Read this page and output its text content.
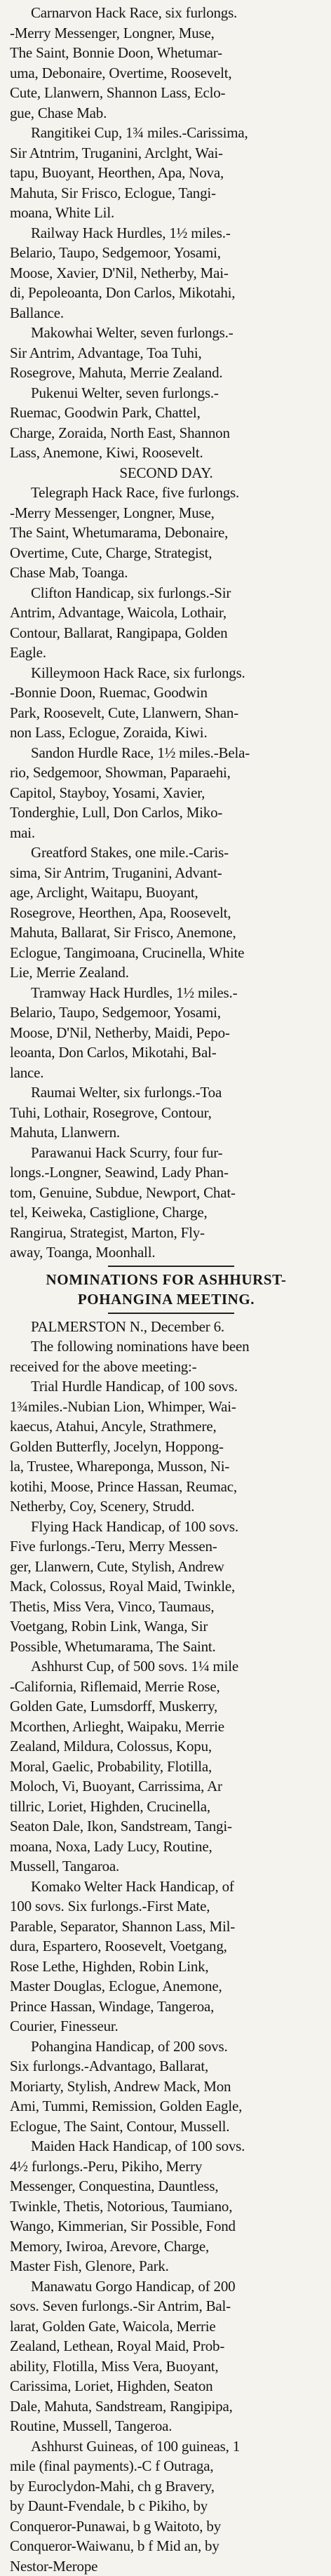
Carnarvon Hack Race, six furlongs.
-Merry Messenger, Longner, Muse,
The Saint, Bonnie Doon, Whetumar-
uma, Debonaire, Overtime, Roosevelt,
Cute, Llanwern, Shannon Lass, Eclo-
gue, Chase Mab.
Rangitikei Cup, 1¾ miles.-Carissima,
Sir Atntrim, Truganini, Arclght, Wai-
tapu, Buoyant, Heorthen, Apa, Nova,
Mahuta, Sir Frisco, Eclogue, Tangi-
moana, White Lil.
Railway Hack Hurdles, 1½ miles.-
Belario, Taupo, Sedgemoor, Yosami,
Moose, Xavier, D'Nil, Netherby, Mai-
di, Pepoleoanta, Don Carlos, Mikotahi,
Ballance.
Makowhai Welter, seven furlongs.-
Sir Antrim, Advantage, Toa Tuhi,
Rosegrove, Mahuta, Merrie Zealand.
Pukenui Welter, seven furlongs.-
Ruemac, Goodwin Park, Chattel,
Charge, Zoraida, North East, Shannon
Lass, Anemone, Kiwi, Roosevelt.
SECOND DAY.
Telegraph Hack Race, five furlongs.
-Merry Messenger, Longner, Muse,
The Saint, Whetumarama, Debonaire,
Overtime, Cute, Charge, Strategist,
Chase Mab, Toanga.
Clifton Handicap, six furlongs.-Sir
Antrim, Advantage, Waicola, Lothair,
Contour, Ballarat, Rangipapa, Golden
Eagle.
Killeymoon Hack Race, six furlongs.
-Bonnie Doon, Ruemac, Goodwin
Park, Roosevelt, Cute, Llanwern, Shan-
non Lass, Eclogue, Zoraida, Kiwi.
Sandon Hurdle Race, 1½ miles.-Bela-
rio, Sedgemoor, Showman, Paparaehi,
Capitol, Stayboy, Yosami, Xavier,
Tonderghie, Lull, Don Carlos, Miko-
mai.
Greatford Stakes, one mile.-Caris-
sima, Sir Antrim, Truganini, Advant-
age, Arclight, Waitapu, Buoyant,
Rosegrove, Heorthen, Apa, Roosevelt,
Mahuta, Ballarat, Sir Frisco, Anemone,
Eclogue, Tangimoana, Crucinella, White
Lie, Merrie Zealand.
Tramway Hack Hurdles, 1½ miles.-
Belario, Taupo, Sedgemoor, Yosami,
Moose, D'Nil, Netherby, Maidi, Pepo-
leoanta, Don Carlos, Mikotahi, Bal-
lance.
Raumai Welter, six furlongs.-Toa
Tuhi, Lothair, Rosegrove, Contour,
Mahuta, Llanwern.
Parawanui Hack Scurry, four fur-
longs.-Longner, Seawind, Lady Phan-
tom, Genuine, Subdue, Newport, Chat-
tel, Keiweka, Castiglione, Charge,
Rangirua, Strategist, Marton, Fly-
away, Toanga, Moonhall.
NOMINATIONS FOR ASHHURST-
POHANGINA MEETING.
PALMERSTON N., December 6.
The following nominations have been
received for the above meeting:-
Trial Hurdle Handicap, of 100 sovs.
1¾miles.-Nubian Lion, Whimper, Wai-
kaecus, Atahui, Ancyle, Strathmere,
Golden Butterfly, Jocelyn, Hoppong-
la, Trustee, Whareponga, Musson, Ni-
kotihi, Moose, Prince Hassan, Reumac,
Netherby, Coy, Scenery, Strudd.
Flying Hack Handicap, of 100 sovs.
Five furlongs.-Teru, Merry Messen-
ger, Llanwern, Cute, Stylish, Andrew
Mack, Colossus, Royal Maid, Twinkle,
Thetis, Miss Vera, Vinco, Taumaus,
Voetgang, Robin Link, Wanga, Sir
Possible, Whetumarama, The Saint.
Ashhurst Cup, of 500 sovs. 1¼ mile
-California, Riflemaid, Merrie Rose,
Golden Gate, Lumsdorff, Muskerry,
Mcorthen, Arlieght, Waipaku, Merrie
Zealand, Mildura, Colossus, Kopu,
Moral, Gaelic, Probability, Flotilla,
Moloch, Vi, Buoyant, Carrissima, Ar
tillric, Loriet, Highden, Crucinella,
Seaton Dale, Ikon, Sandstream, Tangi-
moana, Noxa, Lady Lucy, Routine,
Mussell, Tangaroa.
Komako Welter Hack Handicap, of
100 sovs. Six furlongs.-First Mate,
Parable, Separator, Shannon Lass, Mil-
dura, Espartero, Roosevelt, Voetgang,
Rose Lethe, Highden, Robin Link,
Master Douglas, Eclogue, Anemone,
Prince Hassan, Windage, Tangeroa,
Courier, Finesseur.
Pohangina Handicap, of 200 sovs.
Six furlongs.-Advantago, Ballarat,
Moriarty, Stylish, Andrew Mack, Mon
Ami, Tummi, Remission, Golden Eagle,
Eclogue, The Saint, Contour, Mussell.
Maiden Hack Handicap, of 100 sovs.
4½ furlongs.-Peru, Pikiho, Merry
Messenger, Conquestina, Dauntless,
Twinkle, Thetis, Notorious, Taumiano,
Wango, Kimmerian, Sir Possible, Fond
Memory, Iwiroa, Arevore, Charge,
Master Fish, Glenore, Park.
Manawatu Gorgo Handicap, of 200
sovs. Seven furlongs.-Sir Antrim, Bal-
larat, Golden Gate, Waicola, Merrie
Zealand, Lethean, Royal Maid, Prob-
ability, Flotilla, Miss Vera, Buoyant,
Carissima, Loriet, Highden, Seaton
Dale, Mahuta, Sandstream, Rangipipa,
Routine, Mussell, Tangeroa.
Ashhurst Guineas, of 100 guineas, 1
mile (final payments).-C f Outraga,
by Euroclydon-Mahi, ch g Bravery,
by Daunt-Fvendale, b c Pikiho, by
Conqueror-Punawai, b g Waitoto, by
Conqueror-Waiwanu, b f Mid an, by
Nestor-Merope
